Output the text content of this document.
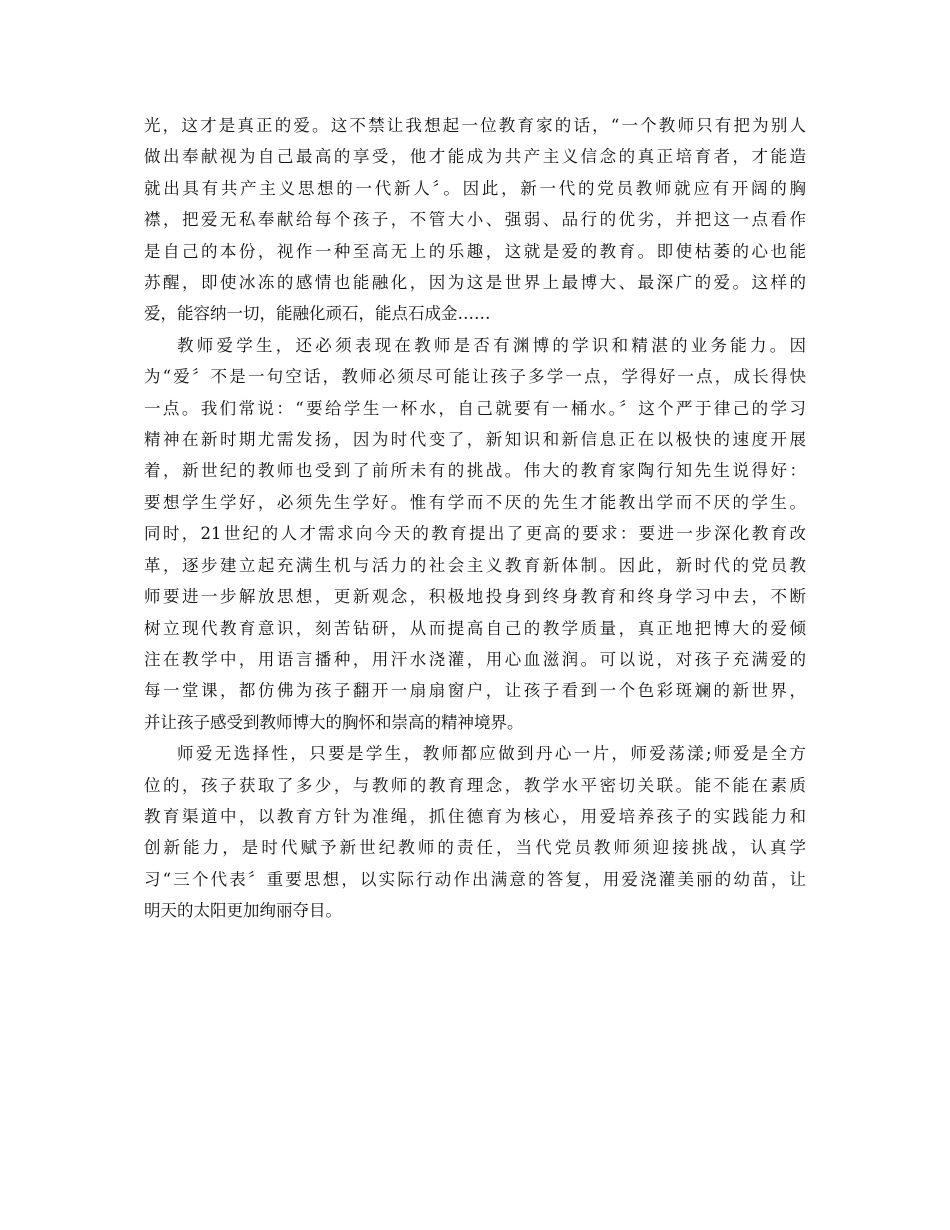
光，这才是真正的爱。这不禁让我想起一位教育家的话，“一个教师只有把为别人
做出奉献视为自己最高的享受，他才能成为共产主义信念的真正培育者，才能造
就出具有共产主义思想的一代新人〞。因此，新一代的党员教师就应有开阔的胸
襟，把爱无私奉献给每个孩子，不管大小、强弱、品行的优劣，并把这一点看作
是自己的本份，视作一种至高无上的乐趣，这就是爱的教育。即使枯萎的心也能
苏醒，即使冰冻的感情也能融化，因为这是世界上最博大、最深广的爱。这样的
爱，能容纳一切，能融化顽石，能点石成金……

教师爱学生，还必须表现在教师是否有渊博的学识和精湛的业务能力。因
为“爱〞不是一句空话，教师必须尽可能让孩子多学一点，学得好一点，成长得快
一点。我们常说：“要给学生一杯水，自己就要有一桶水。〞这个严于律己的学习
精神在新时期尤需发扬，因为时代变了，新知识和新信息正在以极快的速度开展
着，新世纪的教师也受到了前所未有的挑战。伟大的教育家陶行知先生说得好：
要想学生学好，必须先生学好。惟有学而不厌的先生才能教出学而不厌的学生。
同时，21世纪的人才需求向今天的教育提出了更高的要求：要进一步深化教育改
革，逐步建立起充满生机与活力的社会主义教育新体制。因此，新时代的党员教
师要进一步解放思想，更新观念，积极地投身到终身教育和终身学习中去，不断
树立现代教育意识，刻苦钻研，从而提高自己的教学质量，真正地把博大的爱倾
注在教学中，用语言播种，用汗水浇灌，用心血滋润。可以说，对孩子充满爱的
每一堂课，都仿佛为孩子翻开一扇扇窗户，让孩子看到一个色彩斑斓的新世界，
并让孩子感受到教师博大的胸怀和崇高的精神境界。

师爱无选择性，只要是学生，教师都应做到丹心一片，师爱荡漾;师爱是全方
位的，孩子获取了多少，与教师的教育理念，教学水平密切关联。能不能在素质
教育渠道中，以教育方针为准绳，抓住德育为核心，用爱培养孩子的实践能力和
创新能力，是时代赋予新世纪教师的责任，当代党员教师须迎接挑战，认真学
习“三个代表〞重要思想，以实际行动作出满意的答复，用爱浇灌美丽的幼苗，让
明天的太阳更加绚丽夺目。
